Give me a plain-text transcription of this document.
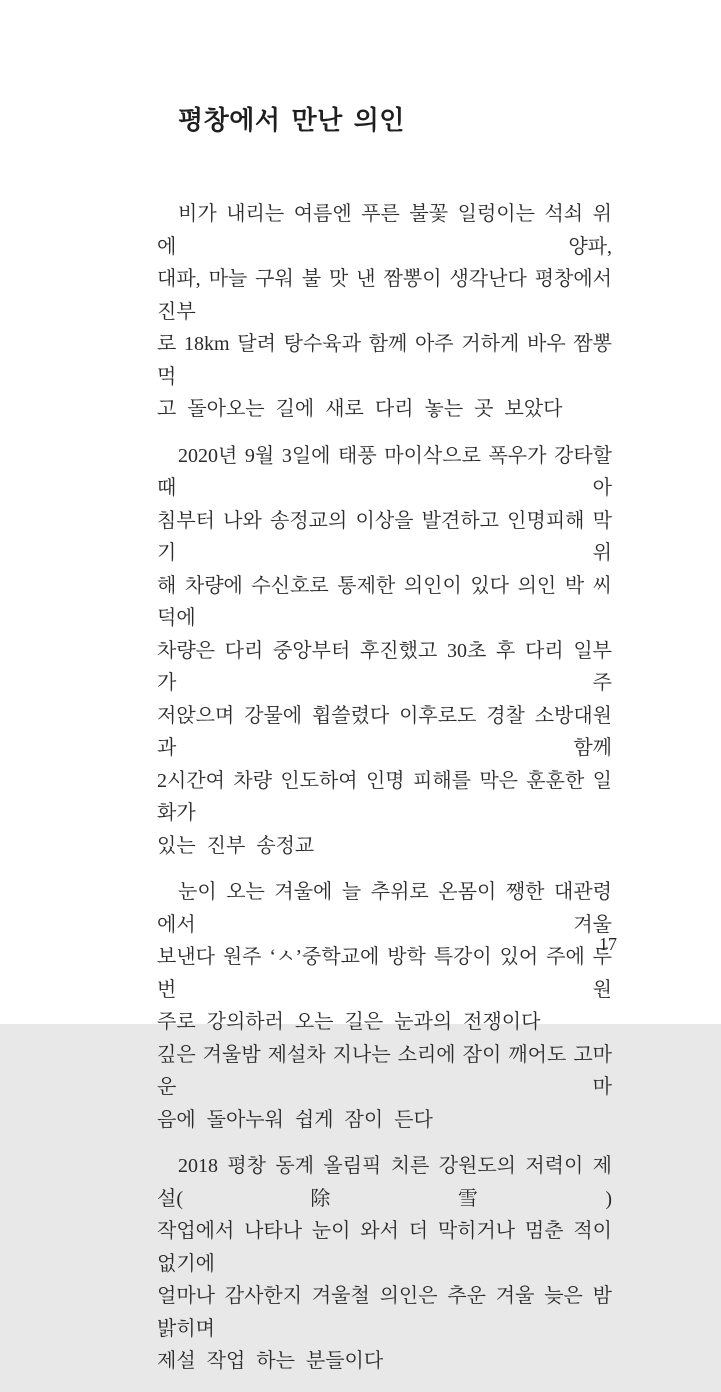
평창에서 만난 의인
비가 내리는 여름엔 푸른 불꽃 일렁이는 석쇠 위에 양파,
대파, 마늘 구워 불 맛 낸 짬뽕이 생각난다 평창에서 진부
로 18km 달려 탕수육과 함께 아주 거하게 바우 짬뽕 먹
고 돌아오는 길에 새로 다리 놓는 곳 보았다
2020년 9월 3일에 태풍 마이삭으로 폭우가 강타할 때 아
침부터 나와 송정교의 이상을 발견하고 인명피해 막기 위
해 차량에 수신호로 통제한 의인이 있다 의인 박 씨 덕에
차량은 다리 중앙부터 후진했고 30초 후 다리 일부가 주
저앉으며 강물에 휩쓸렸다 이후로도 경찰 소방대원과 함께
2시간여 차량 인도하여 인명 피해를 막은 훈훈한 일화가
있는 진부 송정교
눈이 오는 겨울에 늘 추위로 온몸이 쨍한 대관령에서 겨울
보낸다 원주 ‘ㅅ’중학교에 방학 특강이 있어 주에 두 번 원
주로 강의하러 오는 길은 눈과의 전쟁이다
깊은 겨울밤 제설차 지나는 소리에 잠이 깨어도 고마운 마
음에 돌아누워 쉽게 잠이 든다
2018 평창 동계 올림픽 치른 강원도의 저력이 제설(除雪)
작업에서 나타나 눈이 와서 더 막히거나 멈춘 적이 없기에
얼마나 감사한지 겨울철 의인은 추운 겨울 늦은 밤 밝히며
제설 작업 하는 분들이다
17
